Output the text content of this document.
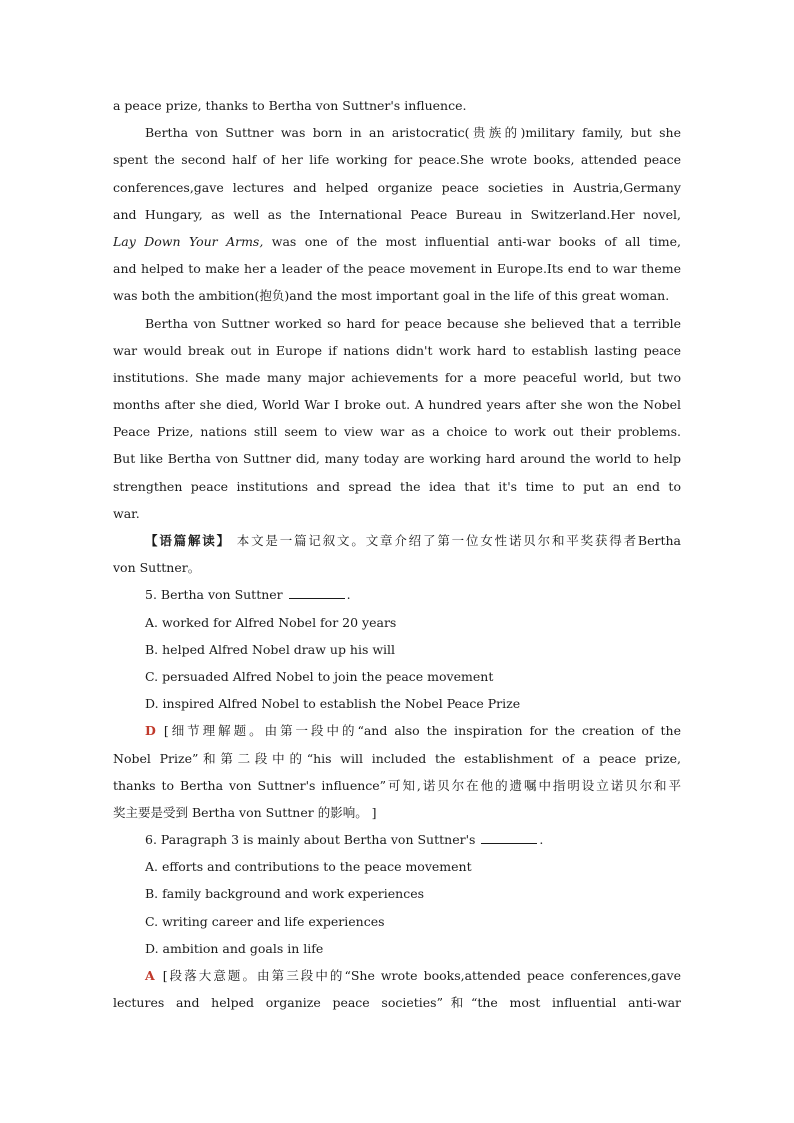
a peace prize, thanks to Bertha von Suttner's influence.
Bertha von Suttner was born in an aristocratic(贵族的)military family, but she
spent the second half of her life working for peace.She wrote books, attended peace
conferences,gave lectures and helped organize peace societies in Austria,Germany
and Hungary, as well as the International Peace Bureau in Switzerland.Her novel,
Lay Down Your Arms, was one of the most influential anti-war books of all time,
and helped to make her a leader of the peace movement in Europe.Its end to war theme
was both the ambition(抱负)and the most important goal in the life of this great woman.
Bertha von Suttner worked so hard for peace because she believed that a terrible
war would break out in Europe if nations didn't work hard to establish lasting peace
institutions. She made many major achievements for a more peaceful world, but two
months after she died, World War Ⅰ broke out. A hundred years after she won the Nobel
Peace Prize, nations still seem to view war as a choice to work out their problems.
But like Bertha von Suttner did, many today are working hard around the world to help
strengthen peace institutions and spread the idea that it's time to put an end to
war.
【语篇解读】 本文是一篇记叙文。文章介绍了第一位女性诺贝尔和平奖获得者Bertha
von Suttner。
5. Bertha von Suttner	.
A. worked for Alfred Nobel for 20 years
B. helped Alfred Nobel draw up his will
C. persuaded Alfred Nobel to join the peace movement
D. inspired Alfred Nobel to establish the Nobel Peace Prize
D [细节理解题。由第一段中的“and also the inspiration for the creation of the
Nobel Prize”和第二段中的“his will included the establishment of a peace prize,
thanks to Bertha von Suttner's influence”可知,诺贝尔在他的遗嘱中指明设立诺贝尔和平
奖主要是受到 Bertha von Suttner 的影响。 ]
6. Paragraph 3 is mainly about Bertha von Suttner's	.
A. efforts and contributions to the peace movement
B. family background and work experiences
C. writing career and life experiences
D. ambition and goals in life
A [段落大意题。由第三段中的“She wrote books,attended peace conferences,gave
lectures and helped organize peace societies”和“the most influential anti-war
